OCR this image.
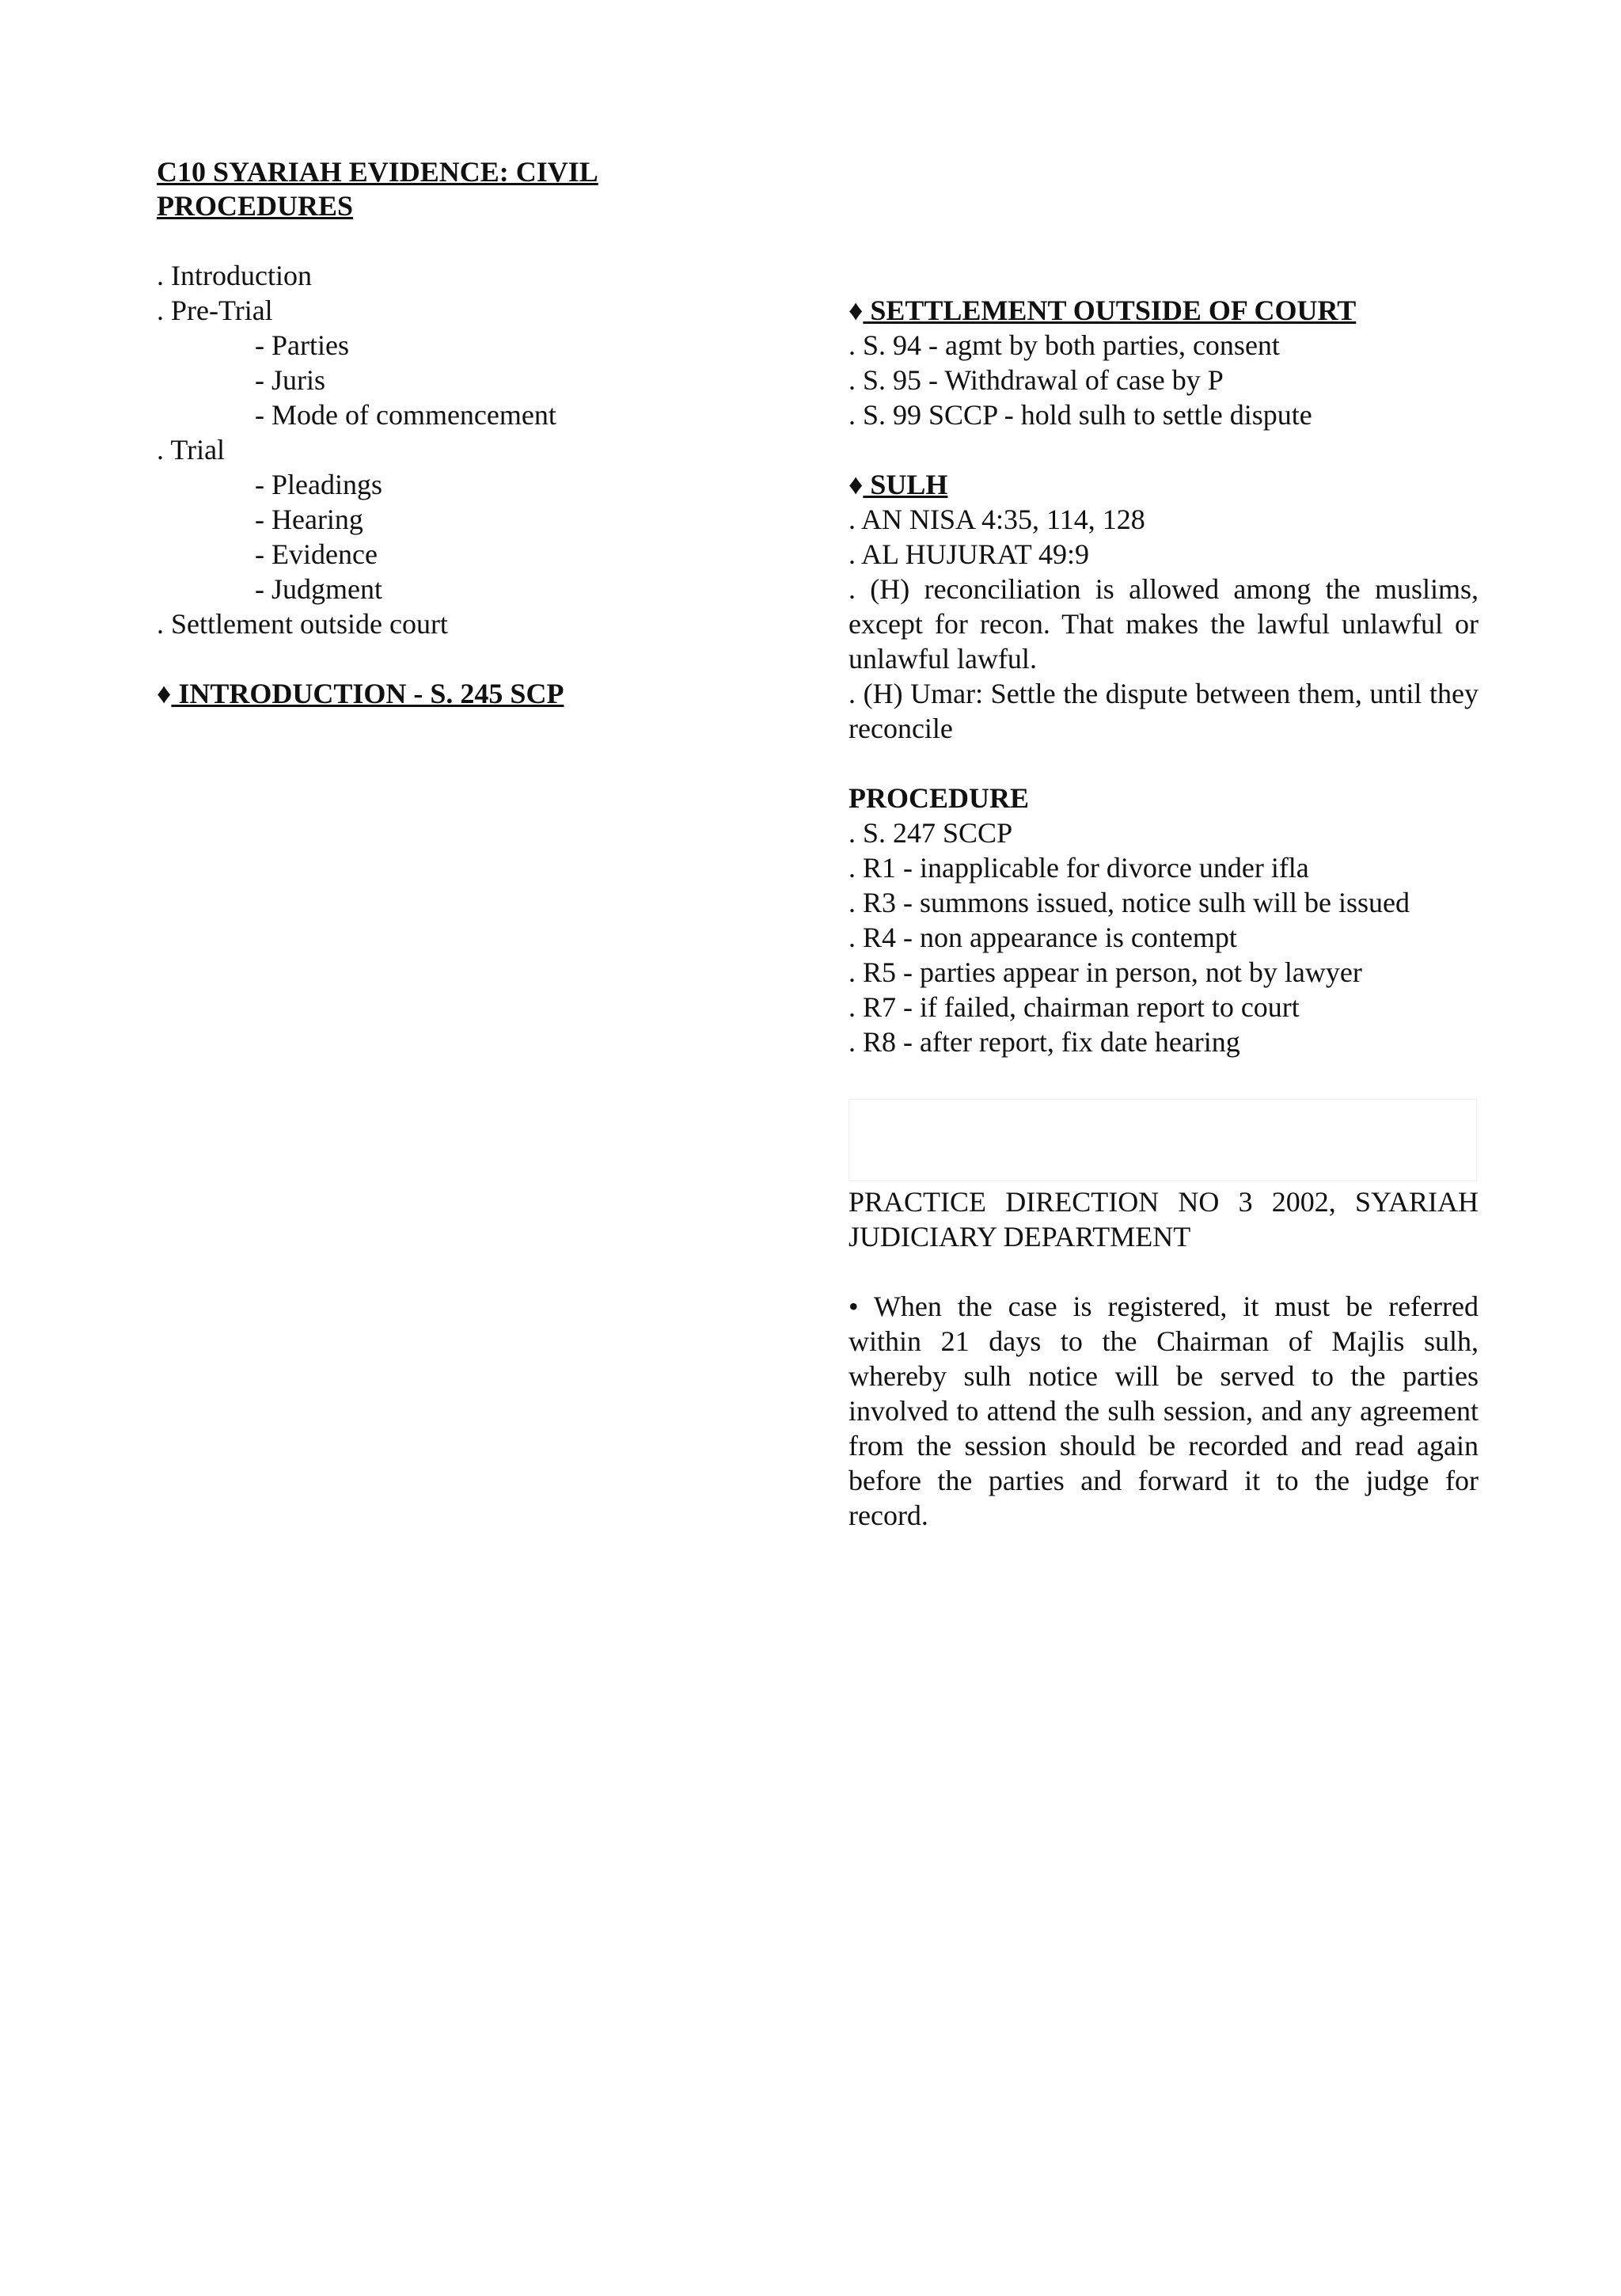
C10 SYARIAH EVIDENCE: CIVIL
PROCEDURES
. Introduction
. Pre-Trial
- Parties
- Juris
- Mode of commencement
. Trial
- Pleadings
- Hearing
- Evidence
- Judgment
. Settlement outside court
♦ INTRODUCTION - S. 245 SCP
♦ SETTLEMENT OUTSIDE OF COURT
. S. 94 - agmt by both parties, consent
. S. 95 - Withdrawal of case by P
. S. 99 SCCP - hold sulh to settle dispute
♦ SULH
. AN NISA 4:35, 114, 128
. AL HUJURAT 49:9
. (H) reconciliation is allowed among the muslims, except for recon. That makes the lawful unlawful or unlawful lawful.
. (H) Umar: Settle the dispute between them, until they reconcile
PROCEDURE
. S. 247 SCCP
. R1 - inapplicable for divorce under ifla
. R3 - summons issued, notice sulh will be issued
. R4 - non appearance is contempt
. R5 - parties appear in person, not by lawyer
. R7 - if failed, chairman report to court
. R8 - after report, fix date hearing
PRACTICE DIRECTION NO 3 2002, SYARIAH JUDICIARY DEPARTMENT
• When the case is registered, it must be referred within 21 days to the Chairman of Majlis sulh, whereby sulh notice will be served to the parties involved to attend the sulh session, and any agreement from the session should be recorded and read again before the parties and forward it to the judge for record.
